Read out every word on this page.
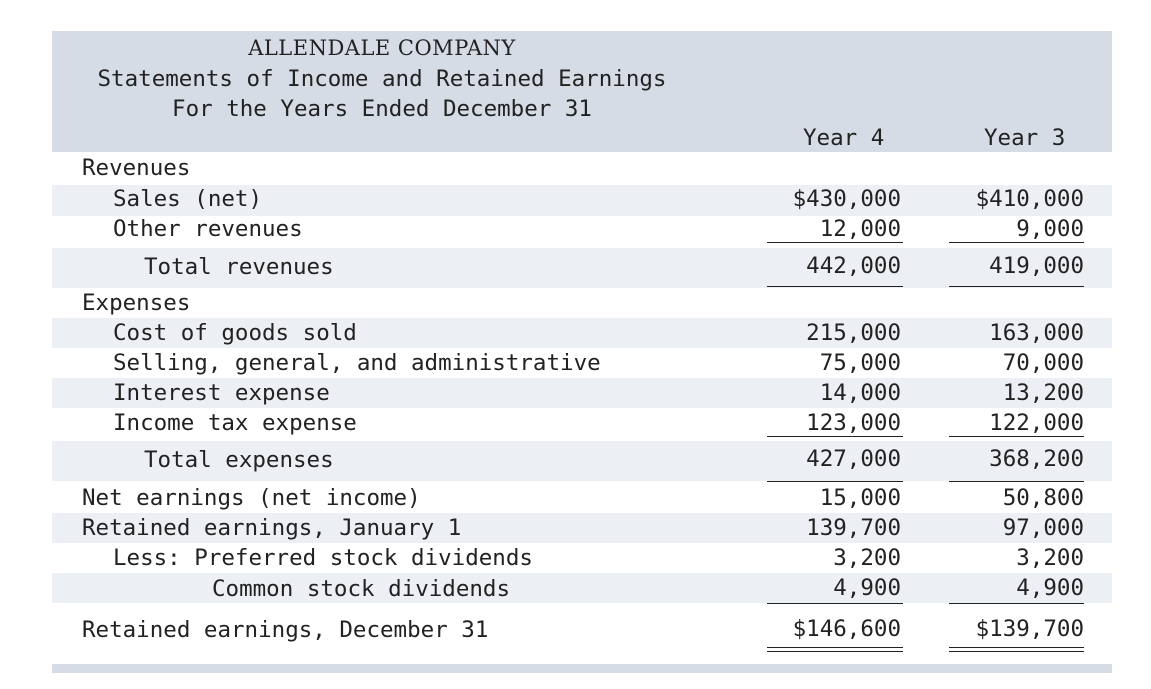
ALLENDALE COMPANY
Statements of Income and Retained Earnings
For the Years Ended December 31
Year 4	Year 3
Revenues
Sales (net)	$430,000	$410,000
Other revenues	12,000	9,000
Total revenues	442,000	419,000
Expenses
Cost of goods sold	215,000	163,000
Selling, general, and administrative	75,000	70,000
Interest expense	14,000	13,200
Income tax expense	123,000	122,000
Total expenses	427,000	368,200
Net earnings (net income)	15,000	50,800
Retained earnings, January 1	139,700	97,000
Less: Preferred stock dividends	3,200	3,200
Common stock dividends	4,900	4,900
Retained earnings, December 31	$146,600	$139,700
